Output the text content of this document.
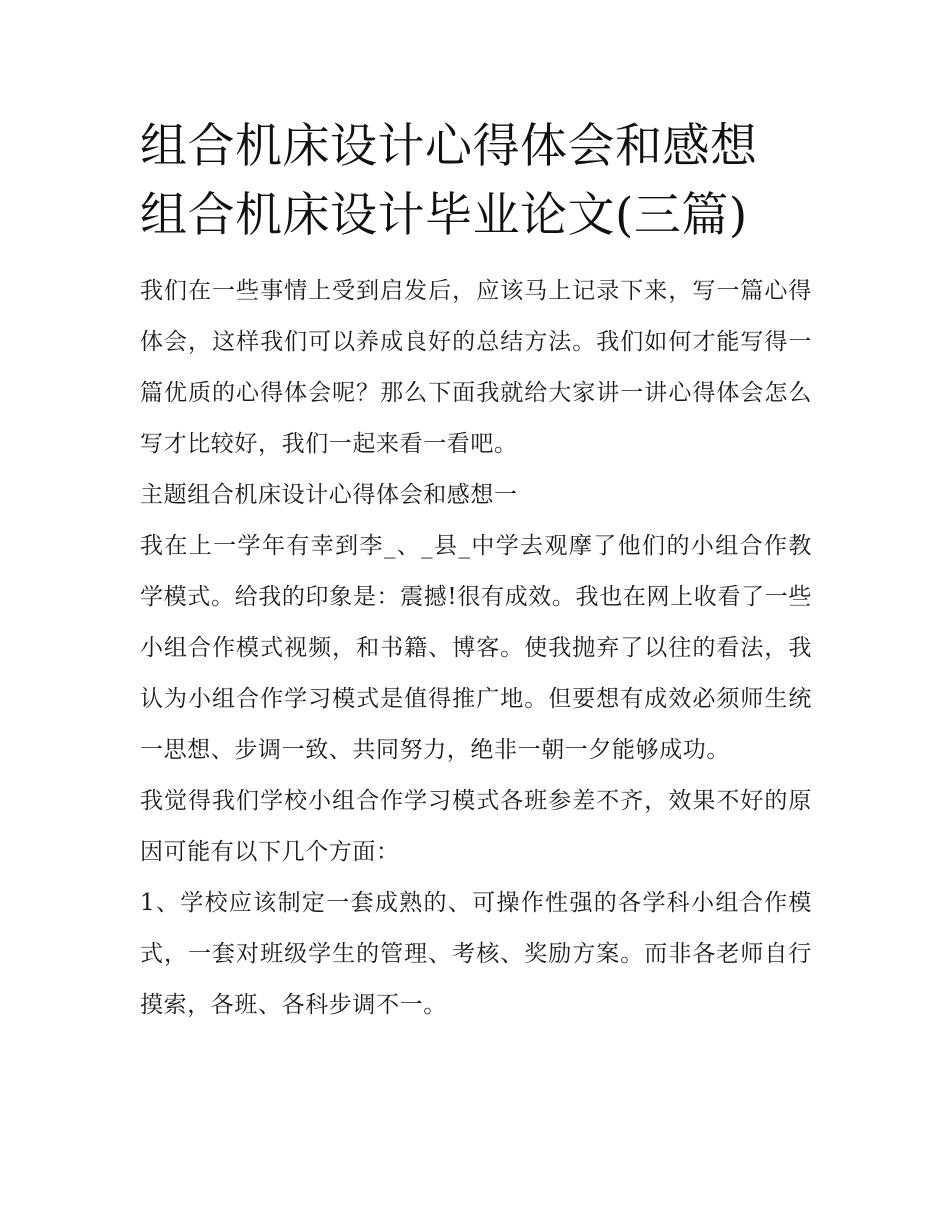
组合机床设计心得体会和感想
组合机床设计毕业论文(三篇)

我们在一些事情上受到启发后，应该马上记录下来，写一篇心得体会，这样我们可以养成良好的总结方法。我们如何才能写得一篇优质的心得体会呢？那么下面我就给大家讲一讲心得体会怎么写才比较好，我们一起来看一看吧。

主题组合机床设计心得体会和感想一

我在上一学年有幸到李_、_县_中学去观摩了他们的小组合作教学模式。给我的印象是：震撼!很有成效。我也在网上收看了一些小组合作模式视频，和书籍、博客。使我抛弃了以往的看法，我认为小组合作学习模式是值得推广地。但要想有成效必须师生统一思想、步调一致、共同努力，绝非一朝一夕能够成功。

我觉得我们学校小组合作学习模式各班参差不齐，效果不好的原因可能有以下几个方面：

1、学校应该制定一套成熟的、可操作性强的各学科小组合作模式，一套对班级学生的管理、考核、奖励方案。而非各老师自行摸索，各班、各科步调不一。
